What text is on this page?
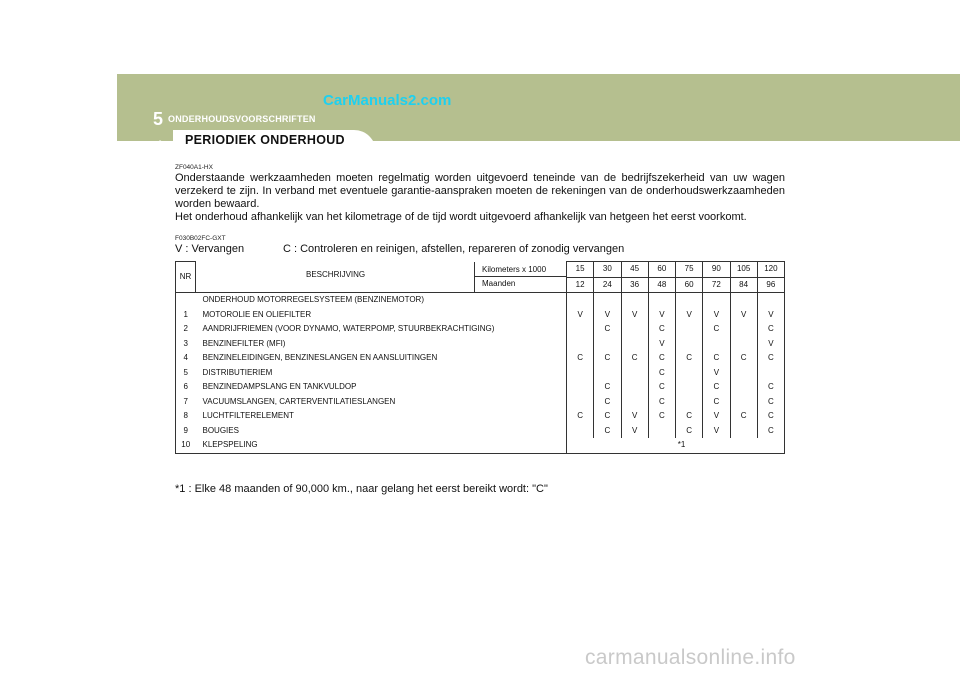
5 ONDERHOUDSVOORSCHRIFTEN
CarManuals2.com
4 PERIODIEK ONDERHOUD
ZF040A1-HX

Onderstaande werkzaamheden moeten regelmatig worden uitgevoerd teneinde van de bedrijfszekerheid van uw wagen verzekerd te zijn. In verband met eventuele garantie-aanspraken moeten de rekeningen van de onderhoudswerkzaamheden worden bewaard.

Het onderhoud afhankelijk van het kilometrage of de tijd wordt uitgevoerd afhankelijk van hetgeen het eerst voorkomt.

F030B02FC-GXT
V : Vervangen	C : Controleren en reinigen, afstellen, repareren of zonodig vervangen
NR	BESCHRIJVING
Kilometers x 1000	15	30	45	60	75	90	105	120

	Maanden	12	24	36	48	60	72	84	96
	ONDERHOUD MOTORREGELSYSTEEM (BENZINEMOTOR)								
1	MOTOROLIE EN OLIEFILTER	V	V	V	V	V	V	V	V
2	AANDRIJFRIEMEN (VOOR DYNAMO, WATERPOMP, STUURBEKRACHTIGING)		C		C		C		C
3	BENZINEFILTER (MFI)				V				V
4	BENZINELEIDINGEN, BENZINESLANGEN EN AANSLUITINGEN	C	C	C	C	C	C	C	C
5	DISTRIBUTIERIEM				C		V		
6	BENZINEDAMPSLANG EN TANKVULDOP		C		C		C		C
7	VACUUMSLANGEN, CARTERVENTILATIESLANGEN		C		C		C		C
8	LUCHTFILTERELEMENT	C	C	V	C	C	V	C	C
9	BOUGIES		C	V		C	V		C
10	KLEPSPELING	*1							
*1 : Elke 48 maanden of 90,000 km., naar gelang het eerst bereikt wordt: "C"
carmanualsonline.info
